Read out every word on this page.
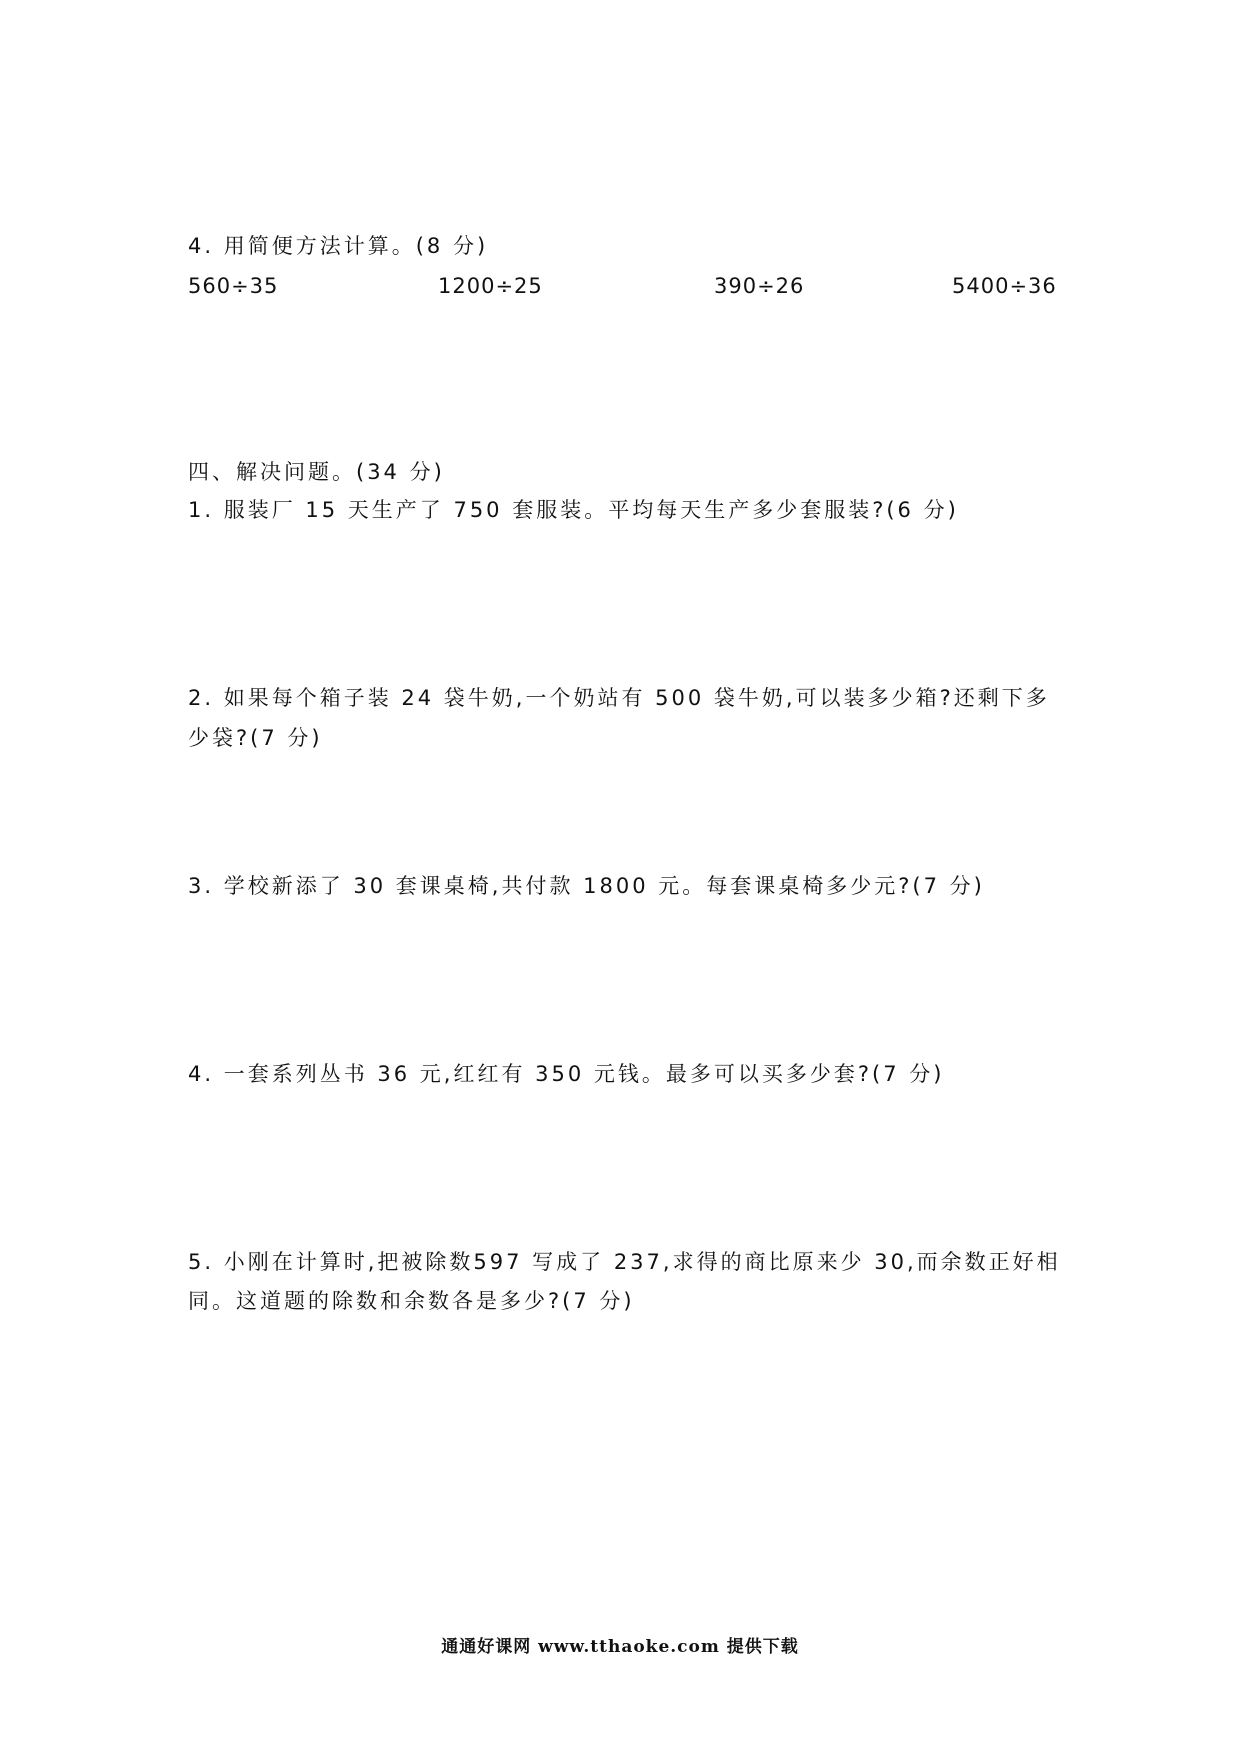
4. 用简便方法计算。(8 分)
560÷35	1200÷25	390÷26	5400÷36
四、解决问题。(34 分)
1. 服装厂 15 天生产了 750 套服装。平均每天生产多少套服装?(6 分)
2. 如果每个箱子装 24 袋牛奶,一个奶站有 500 袋牛奶,可以装多少箱?还剩下多
少袋?(7 分)
3. 学校新添了 30 套课桌椅,共付款 1800 元。每套课桌椅多少元?(7 分)
4. 一套系列丛书 36 元,红红有 350 元钱。最多可以买多少套?(7 分)
5. 小刚在计算时,把被除数597 写成了 237,求得的商比原来少 30,而余数正好相
同。这道题的除数和余数各是多少?(7 分)
通通好课网 www.tthaoke.com 提供下载
